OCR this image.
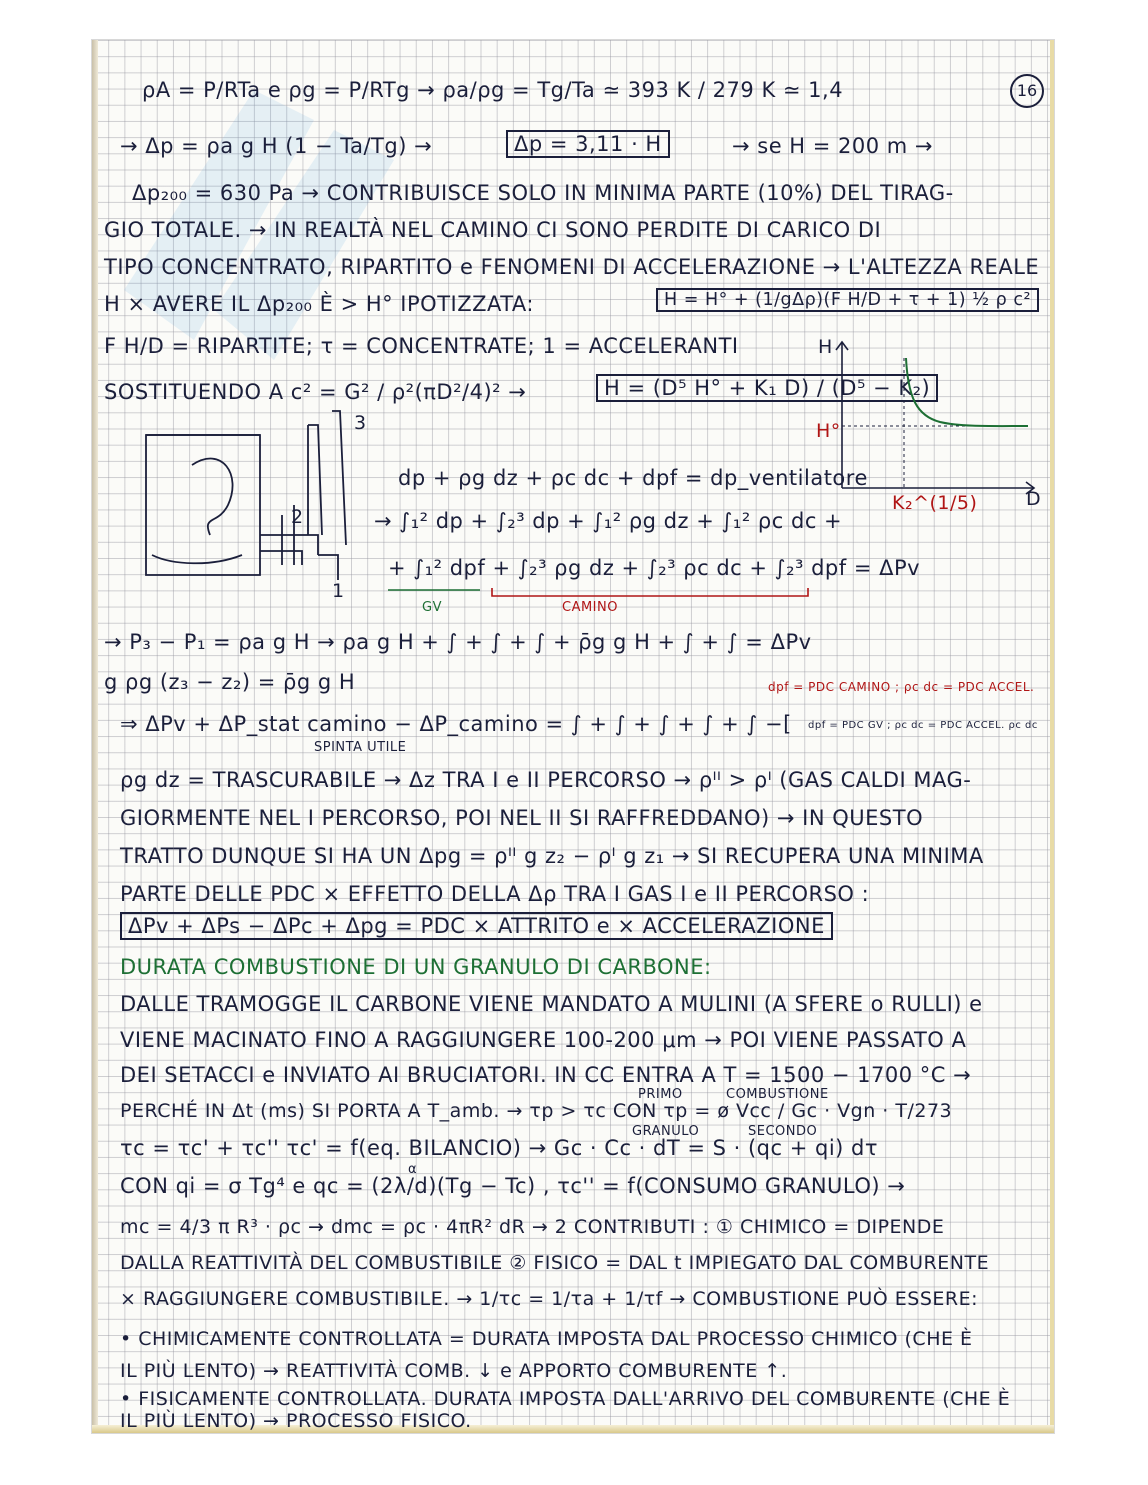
16
ρA = P/RTa e ρg = P/RTg → ρa/ρg = Tg/Ta ≃ 393 K / 279 K ≃ 1,4
→ Δp = ρa g H (1 − Ta/Tg) →	Δp = 3,11 · H	→ se H = 200 m →
Δp₂₀₀ = 630 Pa → CONTRIBUISCE SOLO IN MINIMA PARTE (10%) DEL TIRAG-
GIO TOTALE. → IN REALTÀ NEL CAMINO CI SONO PERDITE DI CARICO DI
TIPO CONCENTRATO, RIPARTITO e FENOMENI DI ACCELERAZIONE → L'ALTEZZA REALE
H × AVERE IL Δp₂₀₀ È > H° IPOTIZZATA:	H = H° + (1/gΔρ)(F H/D + τ + 1) ½ ρ c²
F H/D = RIPARTITE; τ = CONCENTRATE; 1 = ACCELERANTI
SOSTITUENDO A c² = G² / ρ²(πD²/4)² →	H = (D⁵ H° + K₁ D) / (D⁵ − K₂)
H
H°
D
K₂^(1/5)
2
3
1
dp + ρg dz + ρc dc + dpf = dp_ventilatore
→ ∫₁² dp + ∫₂³ dp + ∫₁² ρg dz + ∫₁² ρc dc +
+ ∫₁² dpf + ∫₂³ ρg dz + ∫₂³ ρc dc + ∫₂³ dpf = ΔPv
GV	CAMINO
→ P₃ − P₁ = ρa g H → ρa g H + ∫ + ∫ + ∫ + ρ̄g g H + ∫ + ∫ = ΔPv
g ρg (z₃ − z₂) = ρ̄g g H	dpf = PDC CAMINO ; ρc dc = PDC ACCEL.
⇒ ΔPv + ΔP_stat camino − ΔP_camino = ∫ + ∫ + ∫ + ∫ + ∫ −[ dpf = PDC GV ; ρc dc = PDC ACCEL. ρc dc
SPINTA UTILE
ρg dz = TRASCURABILE → Δz TRA I e II PERCORSO → ρᴵᴵ > ρᴵ (GAS CALDI MAG-
GIORMENTE NEL I PERCORSO, POI NEL II SI RAFFREDDANO) → IN QUESTO
TRATTO DUNQUE SI HA UN Δpg = ρᴵᴵ g z₂ − ρᴵ g z₁ → SI RECUPERA UNA MINIMA
PARTE DELLE PDC × EFFETTO DELLA Δρ TRA I GAS I e II PERCORSO :
ΔPv + ΔPs − ΔPc + Δpg = PDC × ATTRITO e × ACCELERAZIONE
DURATA COMBUSTIONE DI UN GRANULO DI CARBONE:
DALLE TRAMOGGE IL CARBONE VIENE MANDATO A MULINI (A SFERE o RULLI) e
VIENE MACINATO FINO A RAGGIUNGERE 100-200 μm → POI VIENE PASSATO A
DEI SETACCI e INVIATO AI BRUCIATORI. IN CC ENTRA A T = 1500 − 1700 °C →
PRIMO	COMBUSTIONE
PERCHÉ IN Δt (ms) SI PORTA A T_amb. → τp > τc CON τp = ø Vcc / Gc · Vgn · T/273
GRANULO	SECONDO
τc = τc' + τc'' τc' = f(eq. BILANCIO) → Gc · Cc · dT = S · (qc + qi) dτ
α
CON qi = σ Tg⁴ e qc = (2λ/d)(Tg − Tc) , τc'' = f(CONSUMO GRANULO) →
mc = 4/3 π R³ · ρc → dmc = ρc · 4πR² dR → 2 CONTRIBUTI : ① CHIMICO = DIPENDE
DALLA REATTIVITÀ DEL COMBUSTIBILE ② FISICO = DAL t IMPIEGATO DAL COMBURENTE
× RAGGIUNGERE COMBUSTIBILE. → 1/τc = 1/τa + 1/τf → COMBUSTIONE PUÒ ESSERE:
• CHIMICAMENTE CONTROLLATA = DURATA IMPOSTA DAL PROCESSO CHIMICO (CHE È
IL PIÙ LENTO) → REATTIVITÀ COMB. ↓ e APPORTO COMBURENTE ↑.
• FISICAMENTE CONTROLLATA. DURATA IMPOSTA DALL'ARRIVO DEL COMBURENTE (CHE È
IL PIÙ LENTO) → PROCESSO FISICO.
